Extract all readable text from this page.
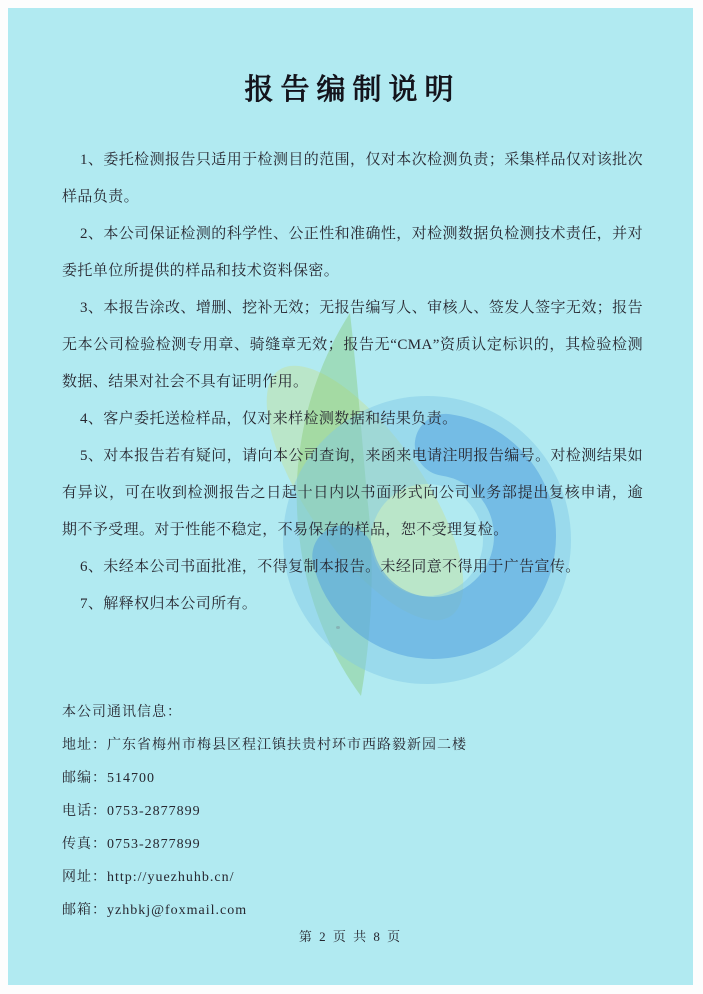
报告编制说明

1、委托检测报告只适用于检测目的范围，仅对本次检测负责；采集样品仅对该批次样品负责。

2、本公司保证检测的科学性、公正性和准确性，对检测数据负检测技术责任，并对委托单位所提供的样品和技术资料保密。

3、本报告涂改、增删、挖补无效；无报告编写人、审核人、签发人签字无效；报告无本公司检验检测专用章、骑缝章无效；报告无“CMA”资质认定标识的，其检验检测数据、结果对社会不具有证明作用。

4、客户委托送检样品，仅对来样检测数据和结果负责。

5、对本报告若有疑问，请向本公司查询，来函来电请注明报告编号。对检测结果如有异议，可在收到检测报告之日起十日内以书面形式向公司业务部提出复核申请，逾期不予受理。对于性能不稳定，不易保存的样品，恕不受理复检。

6、未经本公司书面批准，不得复制本报告。未经同意不得用于广告宣传。

7、解释权归本公司所有。

本公司通讯信息：

地址：广东省梅州市梅县区程江镇扶贵村环市西路毅新园二楼

邮编：514700

电话：0753-2877899

传真：0753-2877899

网址：http://yuezhuhb.cn/

邮箱：yzhbkj@foxmail.com

第 2 页 共 8 页
